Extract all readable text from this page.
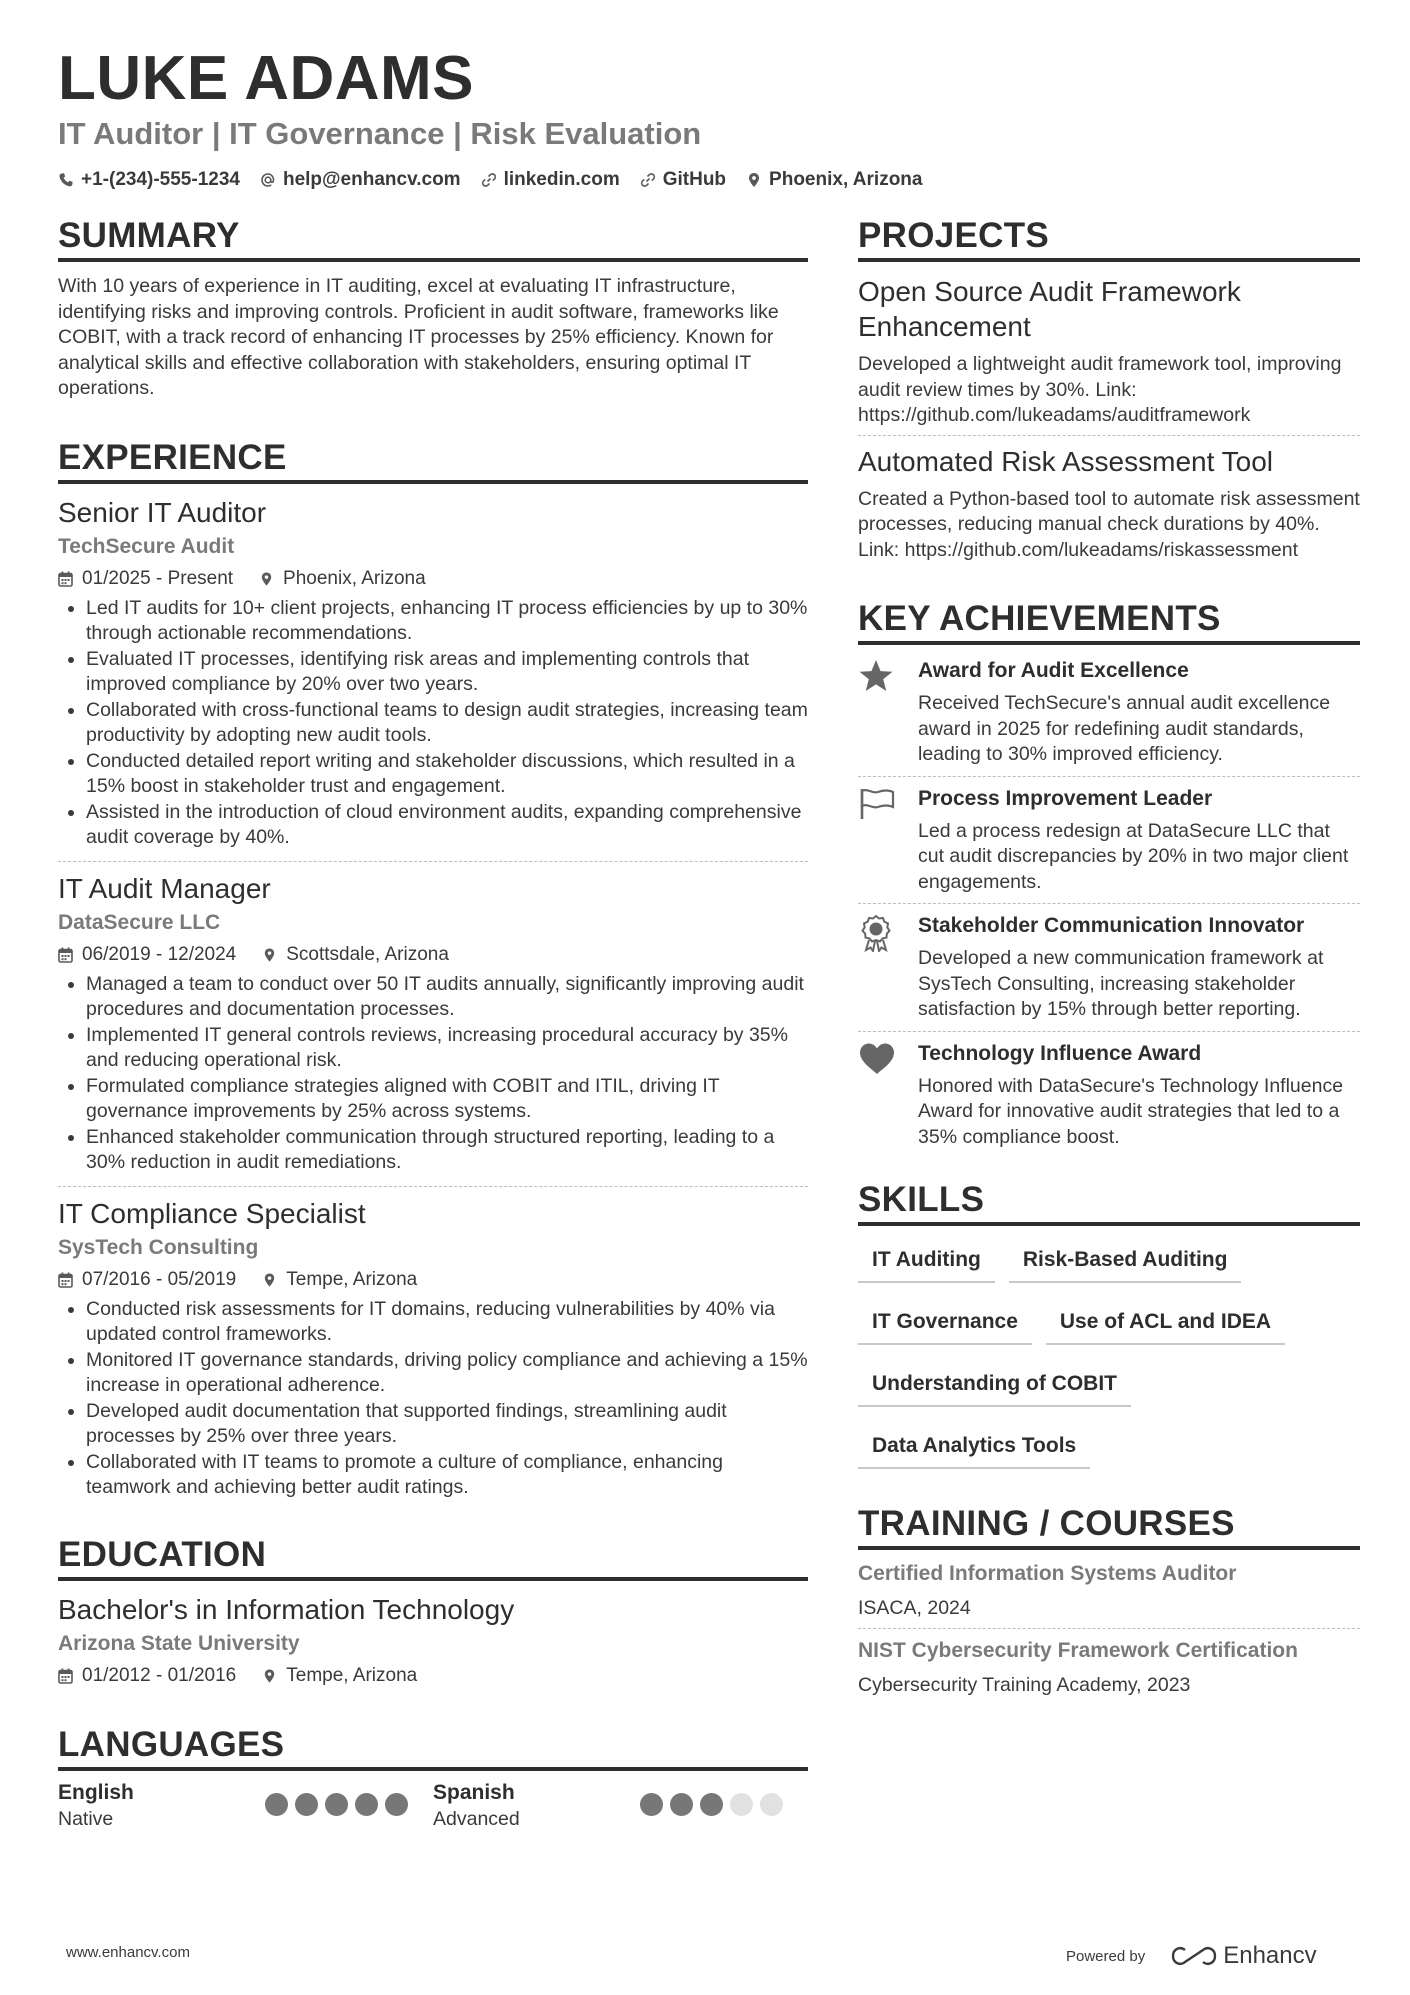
LUKE ADAMS
IT Auditor | IT Governance | Risk Evaluation
+1-(234)-555-1234 help@enhancv.com linkedin.com GitHub Phoenix, Arizona
SUMMARY
With 10 years of experience in IT auditing, excel at evaluating IT infrastructure, identifying risks and improving controls. Proficient in audit software, frameworks like COBIT, with a track record of enhancing IT processes by 25% efficiency. Known for analytical skills and effective collaboration with stakeholders, ensuring optimal IT operations.
EXPERIENCE
Senior IT Auditor
TechSecure Audit
01/2025 - Present	Phoenix, Arizona
• Led IT audits for 10+ client projects, enhancing IT process efficiencies by up to 30% through actionable recommendations.
• Evaluated IT processes, identifying risk areas and implementing controls that improved compliance by 20% over two years.
• Collaborated with cross-functional teams to design audit strategies, increasing team productivity by adopting new audit tools.
• Conducted detailed report writing and stakeholder discussions, which resulted in a 15% boost in stakeholder trust and engagement.
• Assisted in the introduction of cloud environment audits, expanding comprehensive audit coverage by 40%.
IT Audit Manager
DataSecure LLC
06/2019 - 12/2024	Scottsdale, Arizona
• Managed a team to conduct over 50 IT audits annually, significantly improving audit procedures and documentation processes.
• Implemented IT general controls reviews, increasing procedural accuracy by 35% and reducing operational risk.
• Formulated compliance strategies aligned with COBIT and ITIL, driving IT governance improvements by 25% across systems.
• Enhanced stakeholder communication through structured reporting, leading to a 30% reduction in audit remediations.
IT Compliance Specialist
SysTech Consulting
07/2016 - 05/2019	Tempe, Arizona
• Conducted risk assessments for IT domains, reducing vulnerabilities by 40% via updated control frameworks.
• Monitored IT governance standards, driving policy compliance and achieving a 15% increase in operational adherence.
• Developed audit documentation that supported findings, streamlining audit processes by 25% over three years.
• Collaborated with IT teams to promote a culture of compliance, enhancing teamwork and achieving better audit ratings.
EDUCATION
Bachelor's in Information Technology
Arizona State University
01/2012 - 01/2016	Tempe, Arizona
LANGUAGES
English
Native
Spanish
Advanced
PROJECTS
Open Source Audit Framework Enhancement
Developed a lightweight audit framework tool, improving audit review times by 30%. Link: https://github.com/lukeadams/auditframework
Automated Risk Assessment Tool
Created a Python-based tool to automate risk assessment processes, reducing manual check durations by 40%. Link: https://github.com/lukeadams/riskassessment
KEY ACHIEVEMENTS
Award for Audit Excellence
Received TechSecure's annual audit excellence award in 2025 for redefining audit standards, leading to 30% improved efficiency.
Process Improvement Leader
Led a process redesign at DataSecure LLC that cut audit discrepancies by 20% in two major client engagements.
Stakeholder Communication Innovator
Developed a new communication framework at SysTech Consulting, increasing stakeholder satisfaction by 15% through better reporting.
Technology Influence Award
Honored with DataSecure's Technology Influence Award for innovative audit strategies that led to a 35% compliance boost.
SKILLS
IT Auditing	Risk-Based Auditing
IT Governance	Use of ACL and IDEA
Understanding of COBIT
Data Analytics Tools
TRAINING / COURSES
Certified Information Systems Auditor
ISACA, 2024
NIST Cybersecurity Framework Certification
Cybersecurity Training Academy, 2023
www.enhancv.com	Powered by	Enhancv
